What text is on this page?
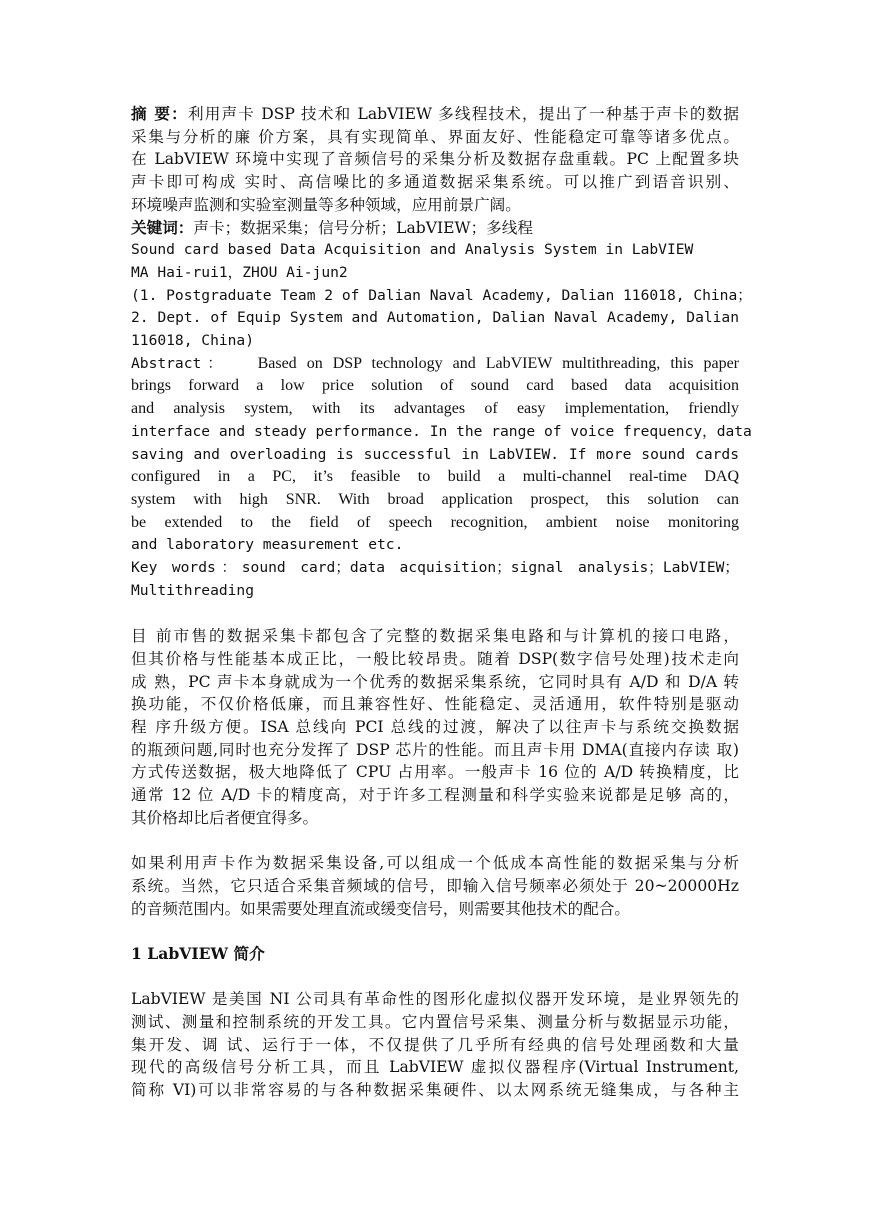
摘 要：利用声卡 DSP 技术和 LabVIEW 多线程技术，提出了一种基于声卡的数据
采集与分析的廉 价方案，具有实现简单、界面友好、性能稳定可靠等诸多优点。
在 LabVIEW 环境中实现了音频信号的采集分析及数据存盘重载。PC 上配置多块
声卡即可构成 实时、高信噪比的多通道数据采集系统。可以推广到语音识别、
环境噪声监测和实验室测量等多种领域，应用前景广阔。
关键词：声卡；数据采集；信号分析；LabVIEW；多线程
Sound card based Data Acquisition and Analysis System in LabVIEW
MA Hai-rui1，ZHOU Ai-jun2
(1. Postgraduate Team 2 of Dalian Naval Academy, Dalian 116018, China；
2. Dept. of Equip System and Automation, Dalian Naval Academy, Dalian
116018, China)
Abstract： Based on DSP technology and LabVIEW multithreading, this paper
brings forward a low price solution of sound card based data acquisition
and analysis system, with its advantages of easy implementation, friendly
interface and steady performance. In the range of voice frequency，data
saving and overloading is successful in LabVIEW. If more sound cards
configured in a PC, it’s feasible to build a multi-channel real-time DAQ
system with high SNR. With broad application prospect, this solution can
be extended to the field of speech recognition, ambient noise monitoring
and laboratory measurement etc.
Key words：sound card；data acquisition；signal analysis；LabVIEW；
Multithreading
目 前市售的数据采集卡都包含了完整的数据采集电路和与计算机的接口电路，
但其价格与性能基本成正比，一般比较昂贵。随着 DSP(数字信号处理)技术走向
成 熟，PC 声卡本身就成为一个优秀的数据采集系统，它同时具有 A/D 和 D/A 转
换功能，不仅价格低廉，而且兼容性好、性能稳定、灵活通用，软件特别是驱动
程 序升级方便。ISA 总线向 PCI 总线的过渡，解决了以往声卡与系统交换数据
的瓶颈问题,同时也充分发挥了 DSP 芯片的性能。而且声卡用 DMA(直接内存读 取)
方式传送数据，极大地降低了 CPU 占用率。一般声卡 16 位的 A/D 转换精度，比
通常 12 位 A/D 卡的精度高，对于许多工程测量和科学实验来说都是足够 高的，
其价格却比后者便宜得多。
如果利用声卡作为数据采集设备,可以组成一个低成本高性能的数据采集与分析
系统。当然，它只适合采集音频域的信号，即输入信号频率必须处于 20~20000Hz
的音频范围内。如果需要处理直流或缓变信号，则需要其他技术的配合。
1 LabVIEW 简介
LabVIEW 是美国 NI 公司具有革命性的图形化虚拟仪器开发环境，是业界领先的
测试、测量和控制系统的开发工具。它内置信号采集、测量分析与数据显示功能，
集开发、调 试、运行于一体，不仅提供了几乎所有经典的信号处理函数和大量
现代的高级信号分析工具，而且 LabVIEW 虚拟仪器程序(Virtual Instrument,
简称 VI)可以非常容易的与各种数据采集硬件、以太网系统无缝集成，与各种主
